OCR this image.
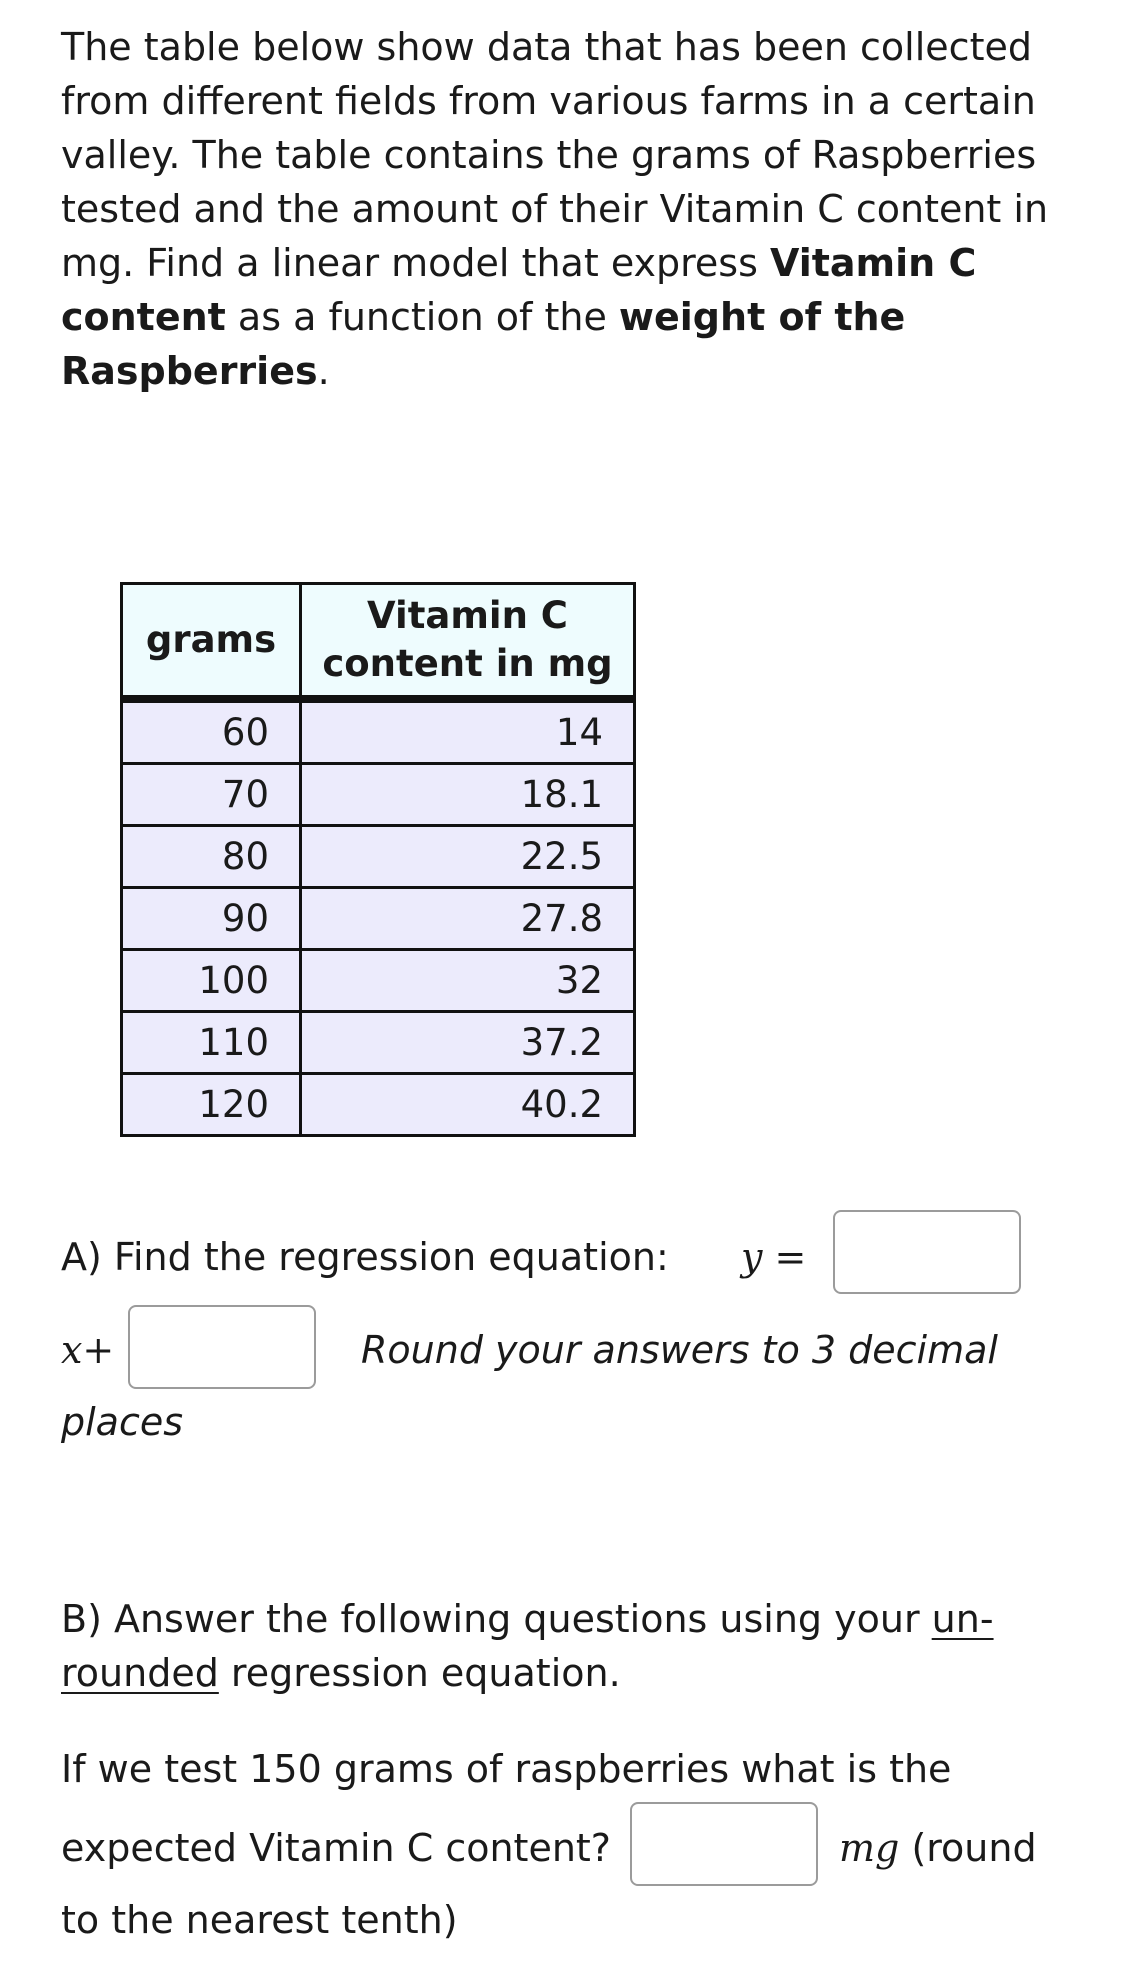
The table below show data that has been collected from different fields from various farms in a certain valley. The table contains the grams of Raspberries tested and the amount of their Vitamin C content in mg. Find a linear model that express Vitamin C content as a function of the weight of the Raspberries.
grams	Vitamin C
content in mg
60	14
70	18.1
80	22.5
90	27.8
100	32
110	37.2
120	40.2
A) Find the regression equation: y =
x+	Round your answers to 3 decimal
places
B) Answer the following questions using your un-
rounded regression equation.
If we test 150 grams of raspberries what is the
expected Vitamin C content?	mg (round
to the nearest tenth)
